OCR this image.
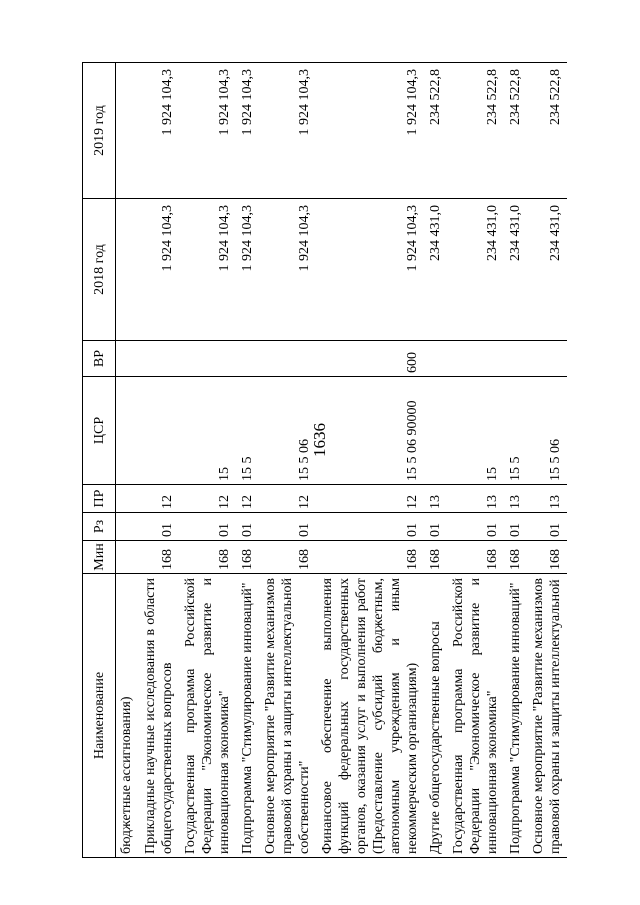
1636
Наименование	Мин	Рз	ПР	ЦСР	ВР	2018 год	2019 год
бюджетные ассигнования)							
Прикладные научные исследования в области общегосударственных вопросов	168	01	12			1 924 104,3	1 924 104,3
Государственная программа Российской Федерации "Экономическое развитие и инновационная экономика"	168	01	12	15		1 924 104,3	1 924 104,3
Подпрограмма "Стимулирование инноваций"	168	01	12	15 5		1 924 104,3	1 924 104,3
Основное мероприятие "Развитие механизмов правовой охраны и защиты интеллектуальной собственности"	168	01	12	15 5 06		1 924 104,3	1 924 104,3
Финансовое обеспечение выполнения функций федеральных государственных органов, оказания услуг и выполнения работ (Предоставление субсидий бюджетным, автономным учреждениям и иным некоммерческим организациям)	168	01	12	15 5 06 90000	600	1 924 104,3	1 924 104,3
Другие общегосударственные вопросы	168	01	13			234 431,0	234 522,8
Государственная программа Российской Федерации "Экономическое развитие и инновационная экономика"	168	01	13	15		234 431,0	234 522,8
Подпрограмма "Стимулирование инноваций"	168	01	13	15 5		234 431,0	234 522,8
Основное мероприятие "Развитие механизмов правовой охраны и защиты интеллектуальной	168	01	13	15 5 06		234 431,0	234 522,8
